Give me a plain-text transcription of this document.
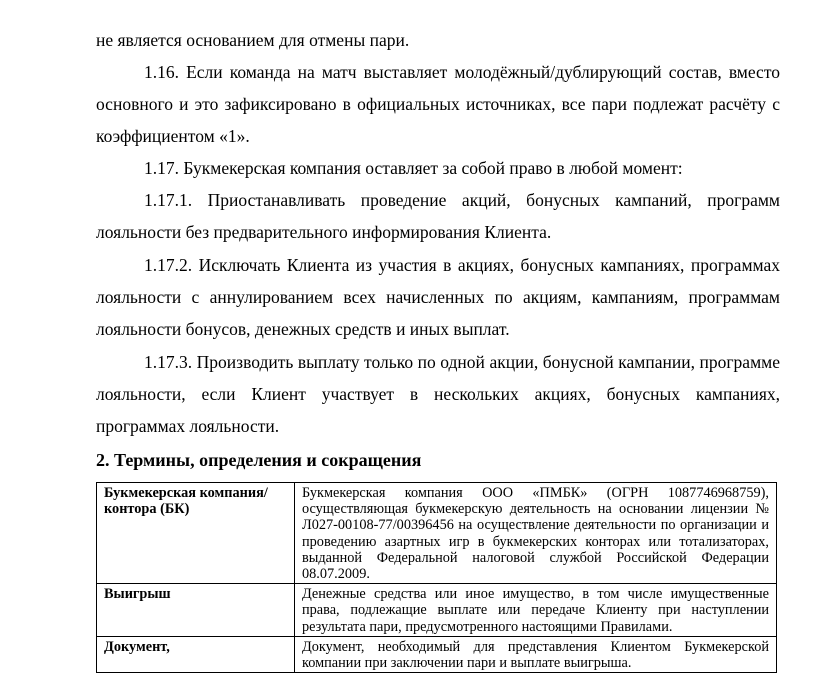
не является основанием для отмены пари.

1.16. Если команда на матч выставляет молодёжный/дублирующий состав, вместо основного и это зафиксировано в официальных источниках, все пари подлежат расчёту с коэффициентом «1».

1.17. Букмекерская компания оставляет за собой право в любой момент:

1.17.1. Приостанавливать проведение акций, бонусных кампаний, программ лояльности без предварительного информирования Клиента.

1.17.2. Исключать Клиента из участия в акциях, бонусных кампаниях, программах лояльности с аннулированием всех начисленных по акциям, кампаниям, программам лояльности бонусов, денежных средств и иных выплат.

1.17.3. Производить выплату только по одной акции, бонусной кампании, программе лояльности, если Клиент участвует в нескольких акциях, бонусных кампаниях, программах лояльности.

2. Термины, определения и сокращения
Букмекерская компания/контора (БК)	Букмекерская компания ООО «ПМБК» (ОГРН 1087746968759), осуществляющая букмекерскую деятельность на основании лицензии № Л027-00108-77/00396456 на осуществление деятельности по организации и проведению азартных игр в букмекерских конторах или тотализаторах, выданной Федеральной налоговой службой Российской Федерации 08.07.2009.
Выигрыш	Денежные средства или иное имущество, в том числе имущественные права, подлежащие выплате или передаче Клиенту при наступлении результата пари, предусмотренного настоящими Правилами.
Документ,	Документ, необходимый для представления Клиентом Букмекерской компании при заключении пари и выплате выигрыша.
